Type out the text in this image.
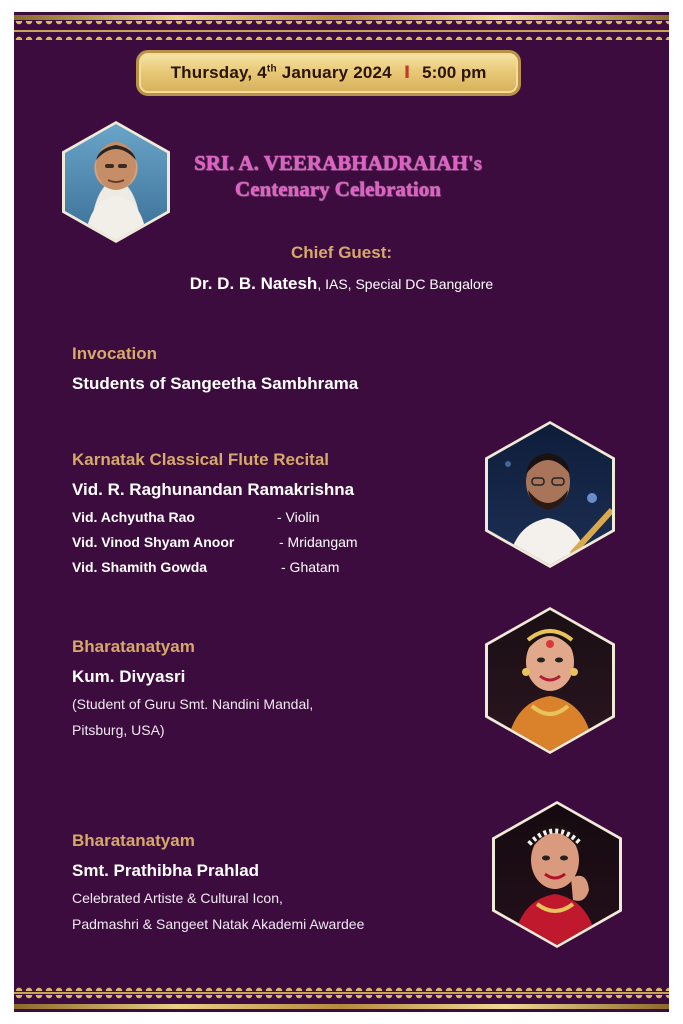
Thursday, 4th January 2024 I 5:00 pm
SRI. A. VEERABHADRAIAH's
Centenary Celebration
Chief Guest:
Dr. D. B. Natesh, IAS, Special DC Bangalore
Invocation
Students of Sangeetha Sambhrama
Karnatak Classical Flute Recital
Vid. R. Raghunandan Ramakrishna
Vid. Achyutha Rao	- Violin
Vid. Vinod Shyam Anoor	- Mridangam
Vid. Shamith Gowda	- Ghatam
Bharatanatyam
Kum. Divyasri
(Student of Guru Smt. Nandini Mandal,
Pitsburg, USA)
Bharatanatyam
Smt. Prathibha Prahlad
Celebrated Artiste & Cultural Icon,
Padmashri & Sangeet Natak Akademi Awardee
